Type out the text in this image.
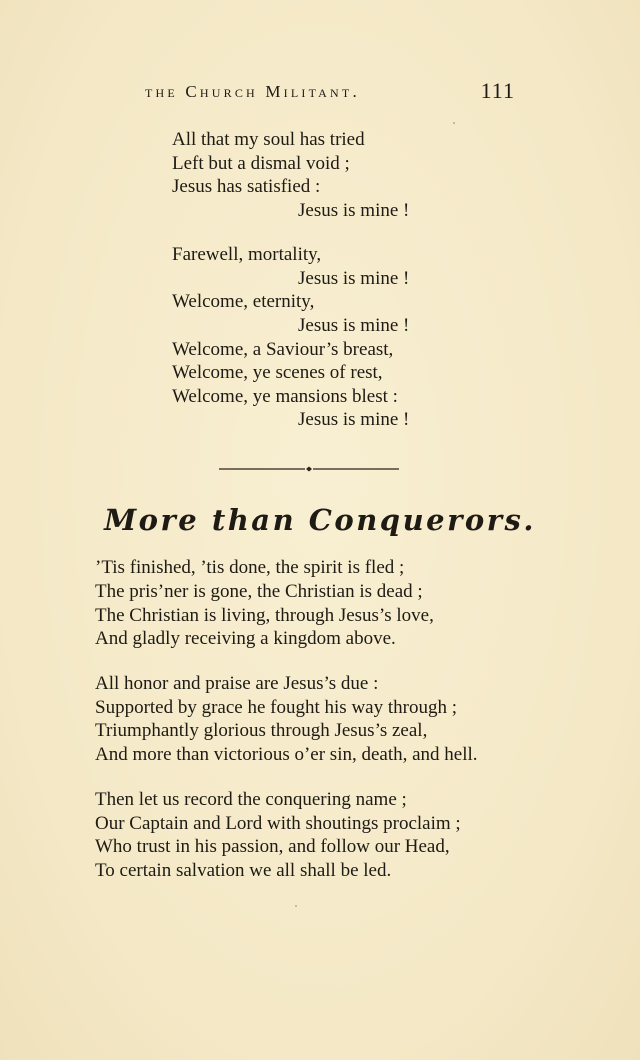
the Church Militant.	111
All that my soul has tried
Left but a dismal void ;
Jesus has satisfied :
Jesus is mine !
Farewell, mortality,
Jesus is mine !
Welcome, eternity,
Jesus is mine !
Welcome, a Saviour’s breast,
Welcome, ye scenes of rest,
Welcome, ye mansions blest :
Jesus is mine !
More than Conquerors.
’Tis finished, ’tis done, the spirit is fled ;
The pris’ner is gone, the Christian is dead ;
The Christian is living, through Jesus’s love,
And gladly receiving a kingdom above.
All honor and praise are Jesus’s due :
Supported by grace he fought his way through ;
Triumphantly glorious through Jesus’s zeal,
And more than victorious o’er sin, death, and hell.
Then let us record the conquering name ;
Our Captain and Lord with shoutings proclaim ;
Who trust in his passion, and follow our Head,
To certain salvation we all shall be led.
